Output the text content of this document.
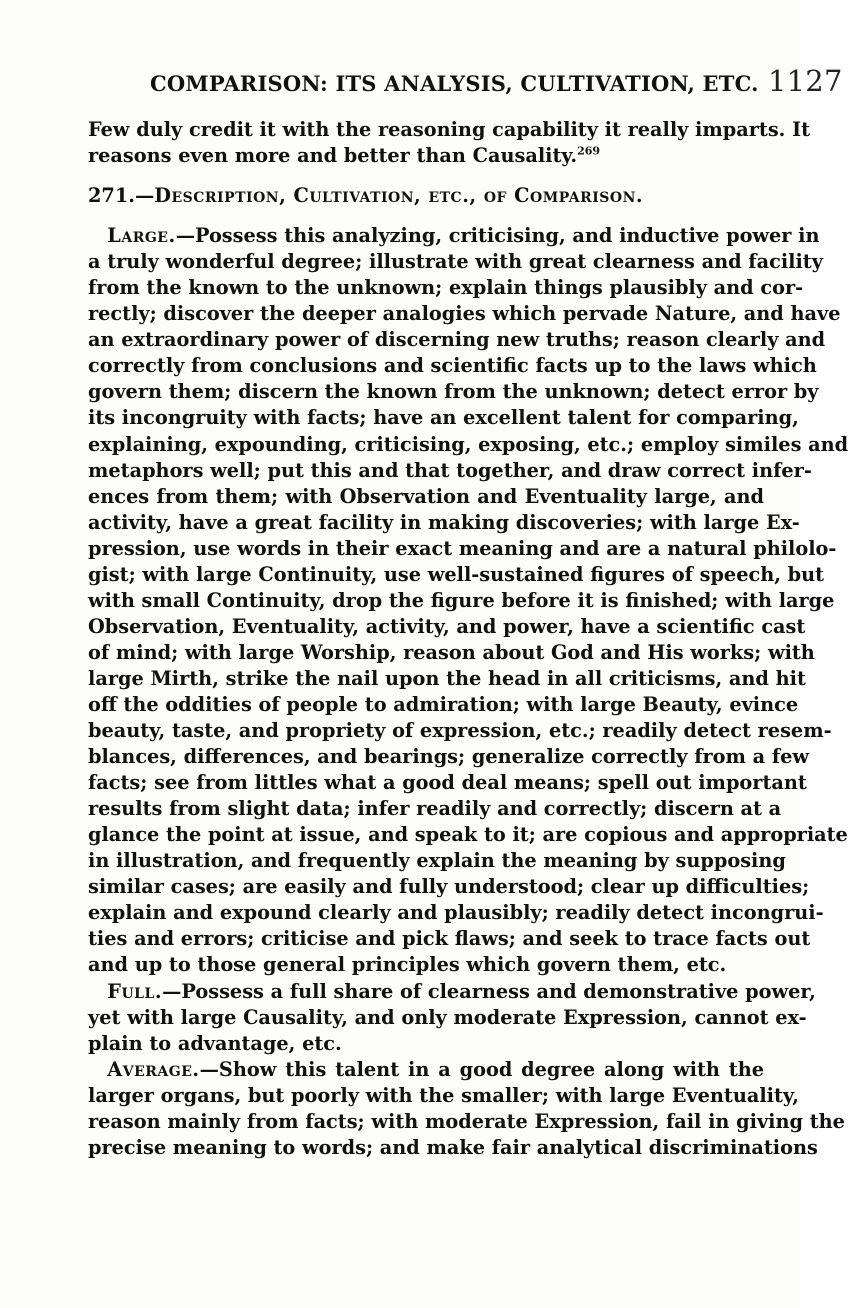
COMPARISON: ITS ANALYSIS, CULTIVATION, ETC. 1127

Few duly credit it with the reasoning capability it really imparts. It
reasons even more and better than Causality.$^{269}$

271.—Description, Cultivation, etc., of Comparison.

 Large.—Possess this analyzing, criticising, and inductive power in
a truly wonderful degree; illustrate with great clearness and facility
from the known to the unknown; explain things plausibly and cor-
rectly; discover the deeper analogies which pervade Nature, and have
an extraordinary power of discerning new truths; reason clearly and
correctly from conclusions and scientific facts up to the laws which
govern them; discern the known from the unknown; detect error by
its incongruity with facts; have an excellent talent for comparing,
explaining, expounding, criticising, exposing, etc.; employ similes and
metaphors well; put this and that together, and draw correct infer-
ences from them; with Observation and Eventuality large, and
activity, have a great facility in making discoveries; with large Ex-
pression, use words in their exact meaning and are a natural philolo-
gist; with large Continuity, use well-sustained figures of speech, but
with small Continuity, drop the figure before it is finished; with large
Observation, Eventuality, activity, and power, have a scientific cast
of mind; with large Worship, reason about God and His works; with
large Mirth, strike the nail upon the head in all criticisms, and hit
off the oddities of people to admiration; with large Beauty, evince
beauty, taste, and propriety of expression, etc.; readily detect resem-
blances, differences, and bearings; generalize correctly from a few
facts; see from littles what a good deal means; spell out important
results from slight data; infer readily and correctly; discern at a
glance the point at issue, and speak to it; are copious and appropriate
in illustration, and frequently explain the meaning by supposing
similar cases; are easily and fully understood; clear up difficulties;
explain and expound clearly and plausibly; readily detect incongrui-
ties and errors; criticise and pick flaws; and seek to trace facts out
and up to those general principles which govern them, etc.

 Full.—Possess a full share of clearness and demonstrative power,
yet with large Causality, and only moderate Expression, cannot ex-
plain to advantage, etc.

 Average.—Show this talent in a good degree along with the
larger organs, but poorly with the smaller; with large Eventuality,
reason mainly from facts; with moderate Expression, fail in giving the
precise meaning to words; and make fair analytical discriminations
